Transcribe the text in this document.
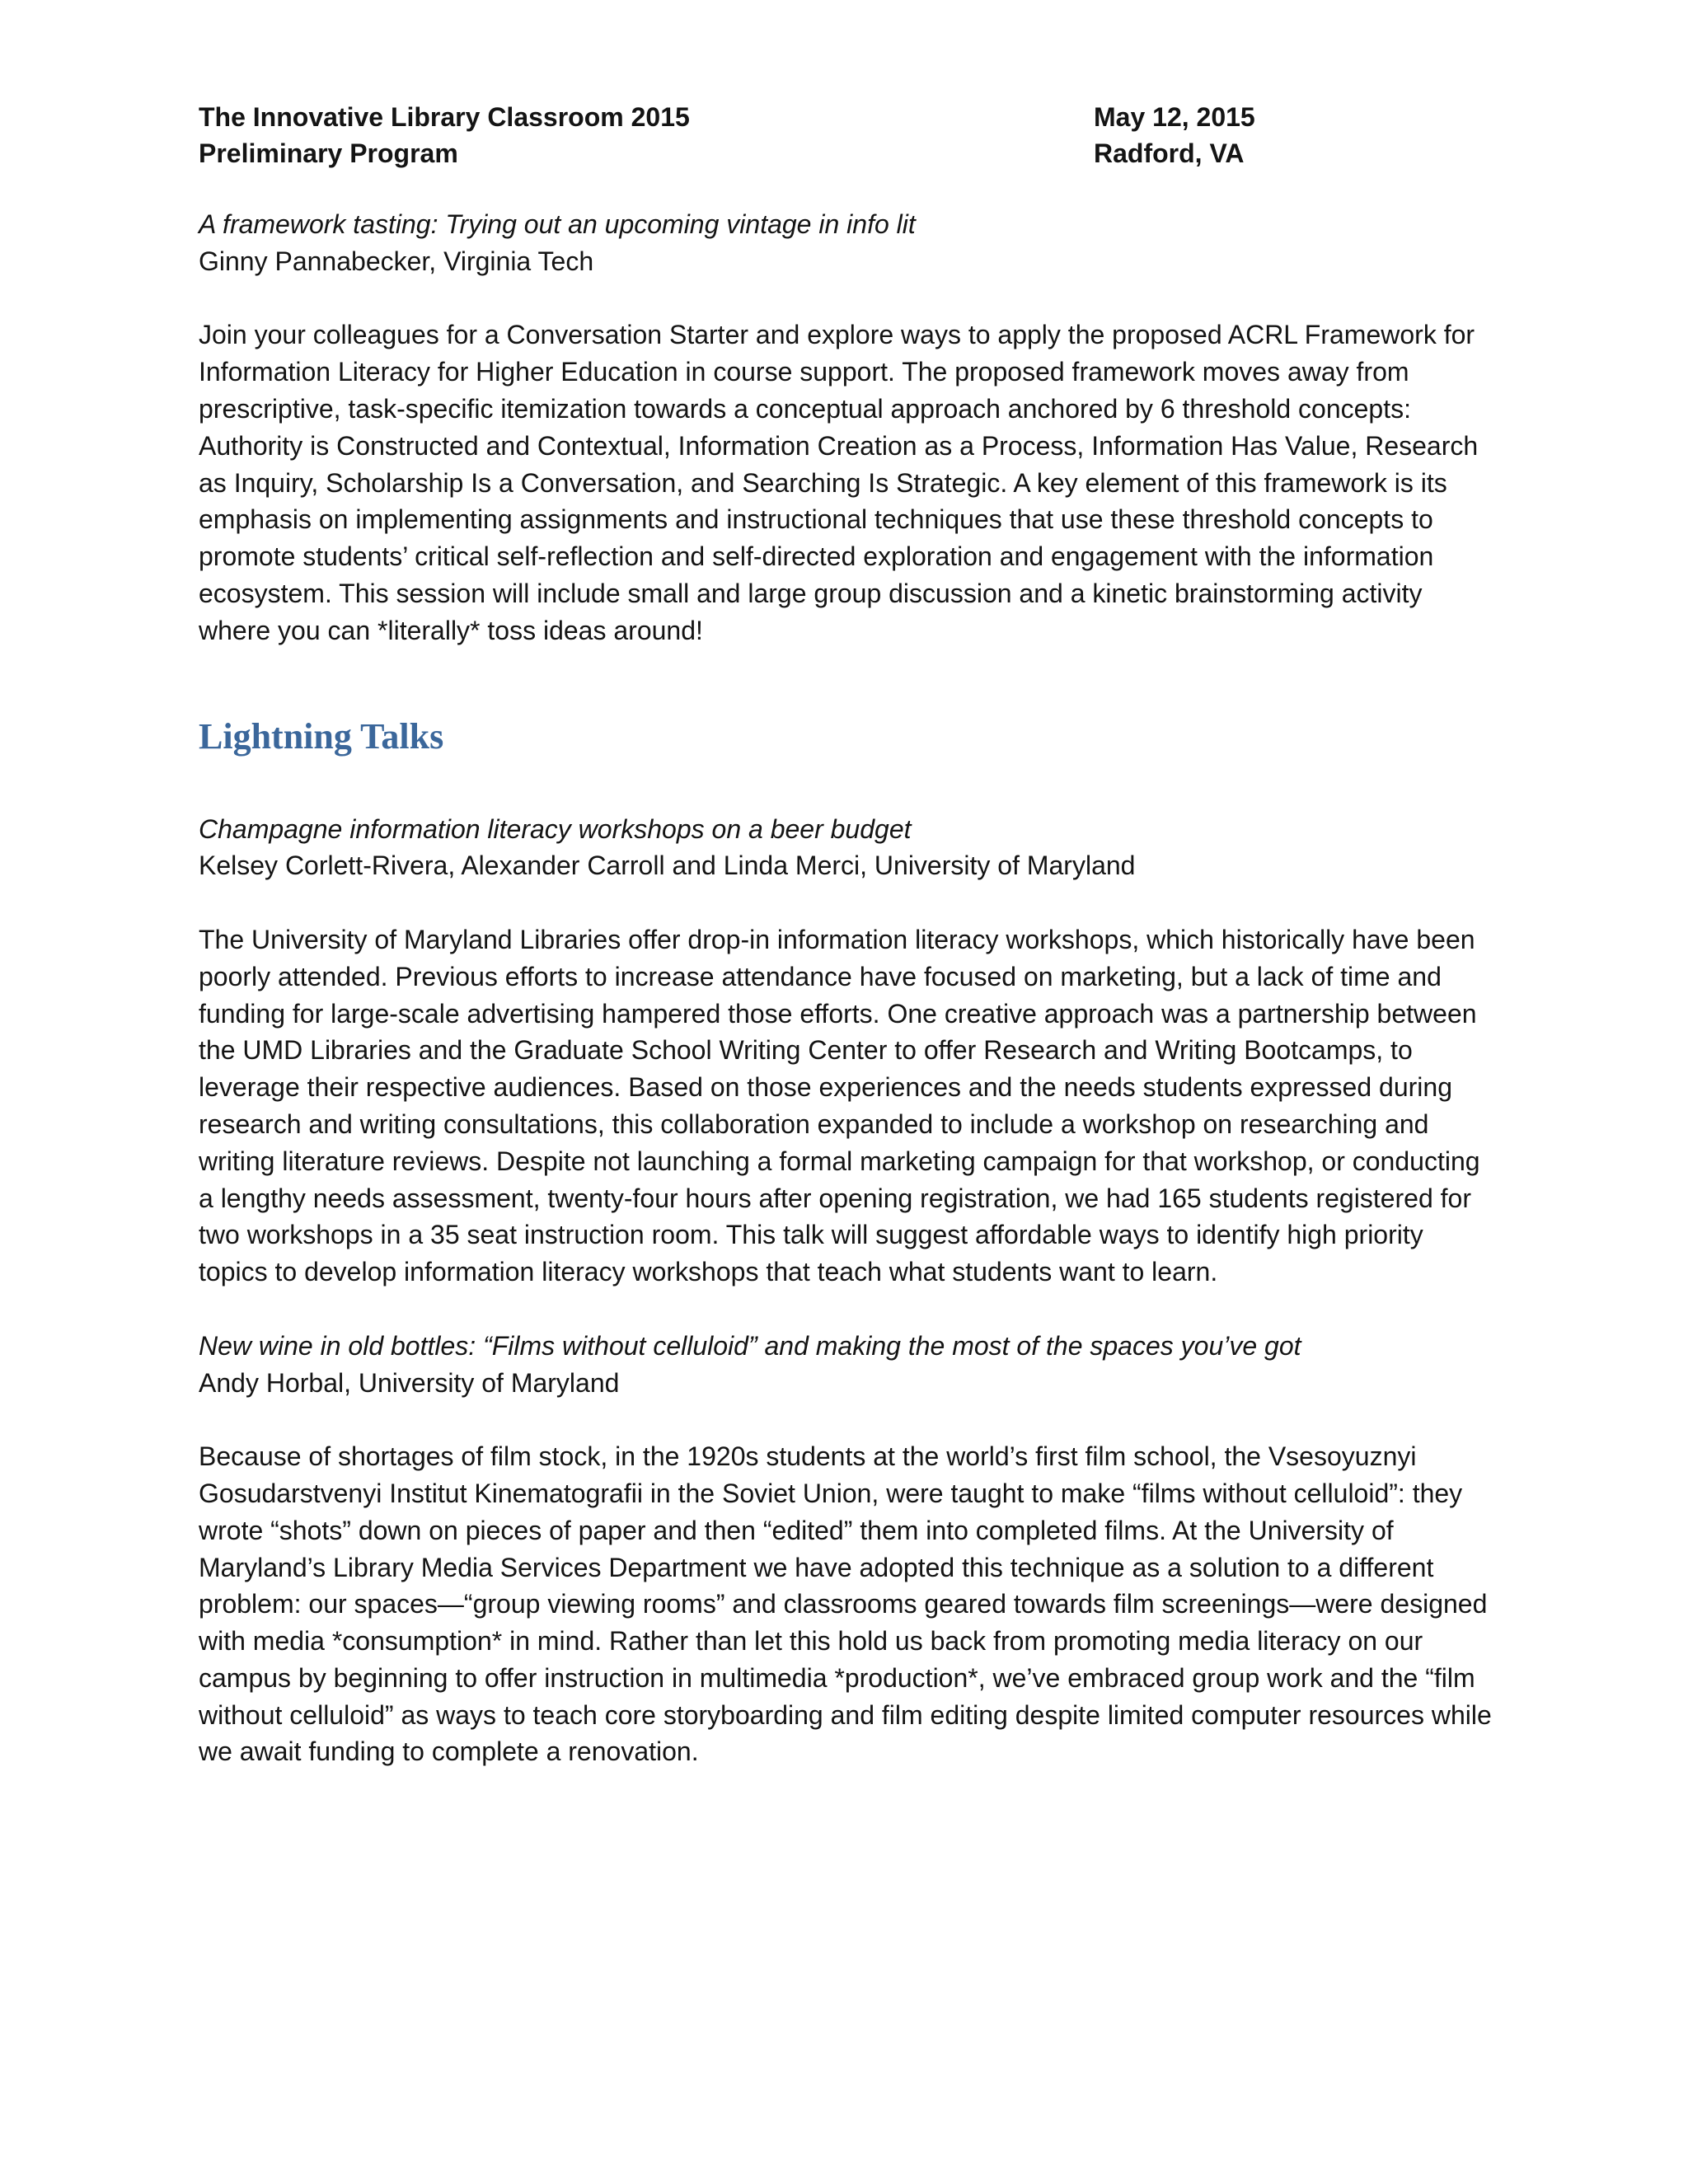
The Innovative Library Classroom 2015
Preliminary Program
May 12, 2015
Radford, VA

A framework tasting: Trying out an upcoming vintage in info lit

Ginny Pannabecker, Virginia Tech

Join your colleagues for a Conversation Starter and explore ways to apply the proposed ACRL Framework for Information Literacy for Higher Education in course support. The proposed framework moves away from prescriptive, task-specific itemization towards a conceptual approach anchored by 6 threshold concepts: Authority is Constructed and Contextual, Information Creation as a Process, Information Has Value, Research as Inquiry, Scholarship Is a Conversation, and Searching Is Strategic. A key element of this framework is its emphasis on implementing assignments and instructional techniques that use these threshold concepts to promote students’ critical self-reflection and self-directed exploration and engagement with the information ecosystem. This session will include small and large group discussion and a kinetic brainstorming activity where you can *literally* toss ideas around!

Lightning Talks

Champagne information literacy workshops on a beer budget

Kelsey Corlett-Rivera, Alexander Carroll and Linda Merci, University of Maryland

The University of Maryland Libraries offer drop-in information literacy workshops, which historically have been poorly attended. Previous efforts to increase attendance have focused on marketing, but a lack of time and funding for large-scale advertising hampered those efforts. One creative approach was a partnership between the UMD Libraries and the Graduate School Writing Center to offer Research and Writing Bootcamps, to leverage their respective audiences. Based on those experiences and the needs students expressed during research and writing consultations, this collaboration expanded to include a workshop on researching and writing literature reviews. Despite not launching a formal marketing campaign for that workshop, or conducting a lengthy needs assessment, twenty-four hours after opening registration, we had 165 students registered for two workshops in a 35 seat instruction room. This talk will suggest affordable ways to identify high priority topics to develop information literacy workshops that teach what students want to learn.

New wine in old bottles: “Films without celluloid” and making the most of the spaces you’ve got

Andy Horbal, University of Maryland

Because of shortages of film stock, in the 1920s students at the world’s first film school, the Vsesoyuznyi Gosudarstvenyi Institut Kinematografii in the Soviet Union, were taught to make “films without celluloid”: they wrote “shots” down on pieces of paper and then “edited” them into completed films. At the University of Maryland’s Library Media Services Department we have adopted this technique as a solution to a different problem: our spaces—“group viewing rooms” and classrooms geared towards film screenings—were designed with media *consumption* in mind. Rather than let this hold us back from promoting media literacy on our campus by beginning to offer instruction in multimedia *production*, we’ve embraced group work and the “film without celluloid” as ways to teach core storyboarding and film editing despite limited computer resources while we await funding to complete a renovation.
